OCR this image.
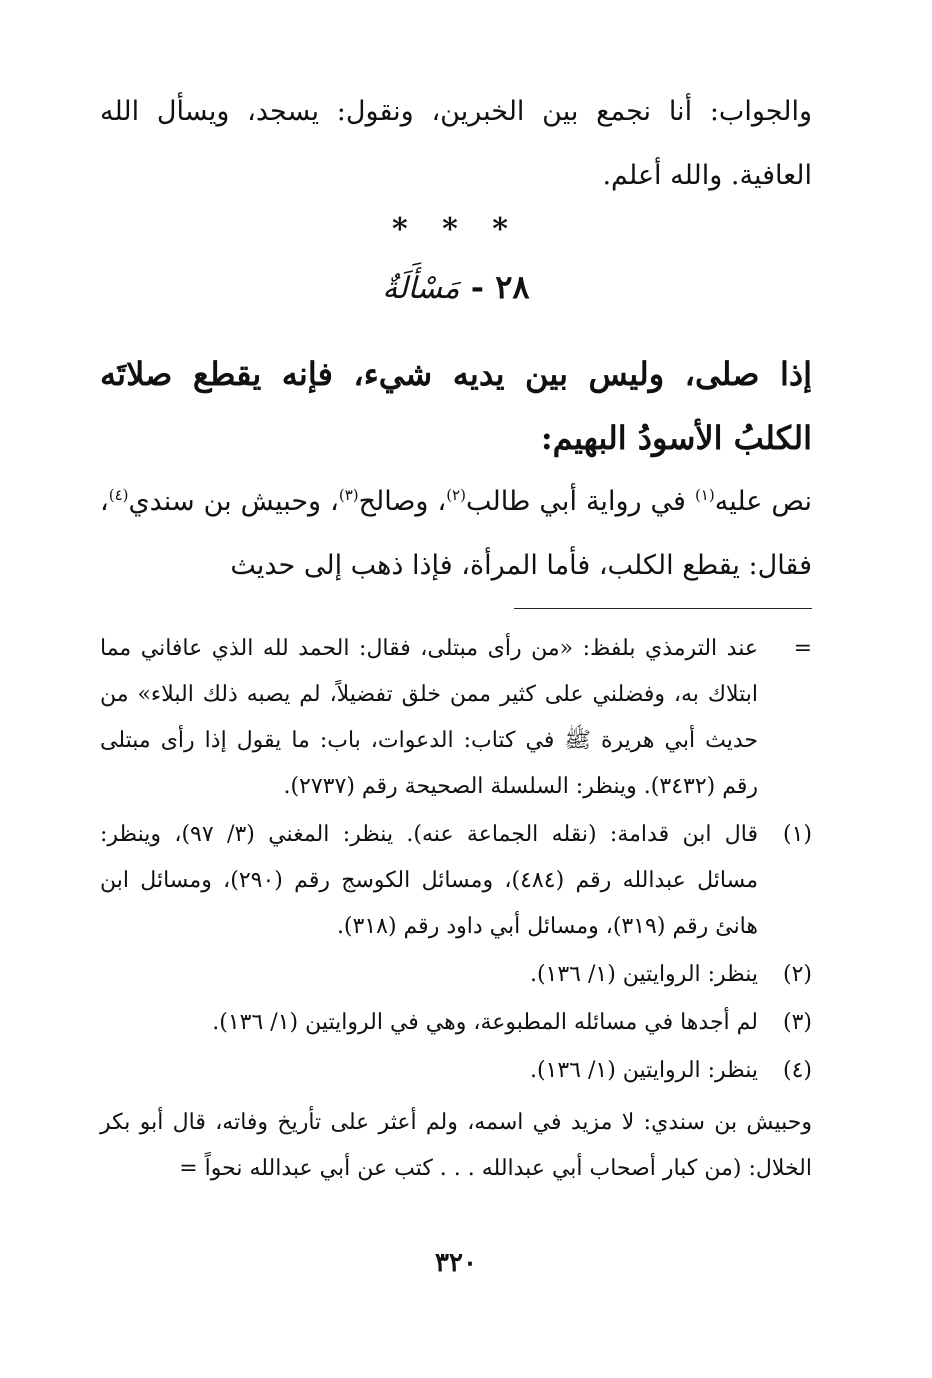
والجواب: أنا نجمع بين الخبرين، ونقول: يسجد، ويسأل الله العافية. والله أعلم.

* * *
٢٨ - مَسْأَلَةٌ

إذا صلى، وليس بين يديه شيء، فإنه يقطع صلاتَه الكلبُ الأسودُ البهيم:

نص عليه$^{(١)}$ في رواية أبي طالب$^{(٢)}$، وصالح$^{(٣)}$، وحبيش بن سندي$^{(٤)}$، فقال: يقطع الكلب، فأما المرأة، فإذا ذهب إلى حديث

=
عند الترمذي بلفظ: «من رأى مبتلى، فقال: الحمد لله الذي عافاني مما ابتلاك به، وفضلني على كثير ممن خلق تفضيلاً، لم يصبه ذلك البلاء» من حديث أبي هريرة ﷺ في كتاب: الدعوات، باب: ما يقول إذا رأى مبتلى رقم (٣٤٣٢). وينظر: السلسلة الصحيحة رقم (٢٧٣٧).
(١)
قال ابن قدامة: (نقله الجماعة عنه). ينظر: المغني (٣/ ٩٧)، وينظر: مسائل عبدالله رقم (٤٨٤)، ومسائل الكوسج رقم (٢٩٠)، ومسائل ابن هانئ رقم (٣١٩)، ومسائل أبي داود رقم (٣١٨).
(٢)
ينظر: الروايتين (١/ ١٣٦).
(٣)
لم أجدها في مسائله المطبوعة، وهي في الروايتين (١/ ١٣٦).
(٤)
ينظر: الروايتين (١/ ١٣٦).
وحبيش بن سندي: لا مزيد في اسمه، ولم أعثر على تأريخ وفاته، قال أبو بكر الخلال: (من كبار أصحاب أبي عبدالله . . . كتب عن أبي عبدالله نحواً =
٣٢٠
